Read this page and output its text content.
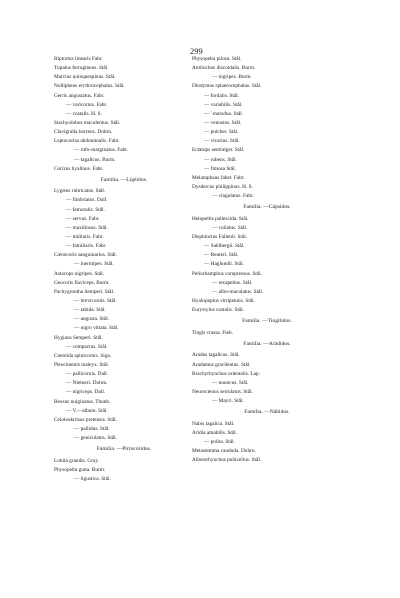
299
Riptortus linearis Fabr.
Tupalus ferrugineus. Stål.
Marcius quinquespinus. Stål.
Nollipheus erythrocephalus. Stål.
Gerris angustatus. Fabr.
— varicornis. Fabr.
— costalis. H. S.
Stachyolobus maculentus. Stål.
Clavigralla horrens. Dohrn.
Leptocorisa abdominalis. Fabr.
— rufo-marginatus. Fabr.
— tagalicus. Burm.
Corizus hyalinus. Fabr.
Familia. —Ligéidos.
Lygæus rubricatus. Stål.
— fimbriatus. Dall.
— femoralis. Stål.
— servus. Fabr.
— maxillosus. Stål.
— militaris. Fabr.
— familiaris. Fabr.
Cænocoris sanguinarius. Stål.
— inermipes. Stål.
Astacops nigripes. Stål.
Geocoris flaviceps. Burm.
Pachygrontha Semperi. Stål.
— brevicornis. Stål.
— tabida. Stål.
— angusta. Stål.
— nigro vittata. Stål.
Hygiaus Semperi. Stål.
— compactus. Stål.
Cnemida spinicornis. Sign.
Pleocinemis maleyx. Stål.
— pallicornis. Dall.
— Nietneri. Dohrn.
— nigriceps. Dall.
Beosus nuiginatus. Thunb.
— V.—album. Stål.
Celoleuktrisus pretensis. Stål.
— pallidus. Stål.
— geniculatus. Stål.
Familia. —Pirrocóridos.
Lohita grandis. Gray.
Physopelta gutta. Burm.
— ligustica. Stål.
Physopelta pilosa. Stål.
Antilochus discoidalis. Burm.
— nigripes. Burm.
Dindymus sphærocephalus. Stål.
— fordalis. Stål.
— variabilis. Stål.
— ' marsdua. Stål.
— venustus. Stål.
— pulcher. Stål.
— vicarius. Stål.
Ectatops semlulger. Stål.
— rubens. Stål.
— fimosa Stål.
Melamphaus faber. Fabr.
Dysdercus philippinus. H. S.
— cingulatus. Fabr.
Familia. —Cápsidos.
Helopeltis pallescida. Stål.
— cuilatus. Stål.
Disphinctus Fallenii. Stål.
— Sahlbergii. Stål.
— Reuteri. Stål.
— Haglundii. Stål.
Peliorhamphus compressus. Stål.
— recapeltus. Stål.
— albo-maculatus. Stål.
Hyalopeplus vitripennis. Stål.
Eurystylus costalis. Stål.
Familia. —Tingítidos.
Tingis crassa. Fieb.
Familia. —Arádidos.
Aradus tagalicus. Stål.
Aradamus gracilentus. Stål.
Brachyrhynchus orientalis. Lap.
— nuuncus. Stål.
Neuroctenus serrulatus. Stål.
— Mayri. Stål.
Familia. —Nábidos.
Nabis tagalica. Stål.
Aridia amabilis. Stål.
— polita. Stål.
Metastemma caududa. Dohrn.
Alloeorhyuchus pubicellus. Stål.
